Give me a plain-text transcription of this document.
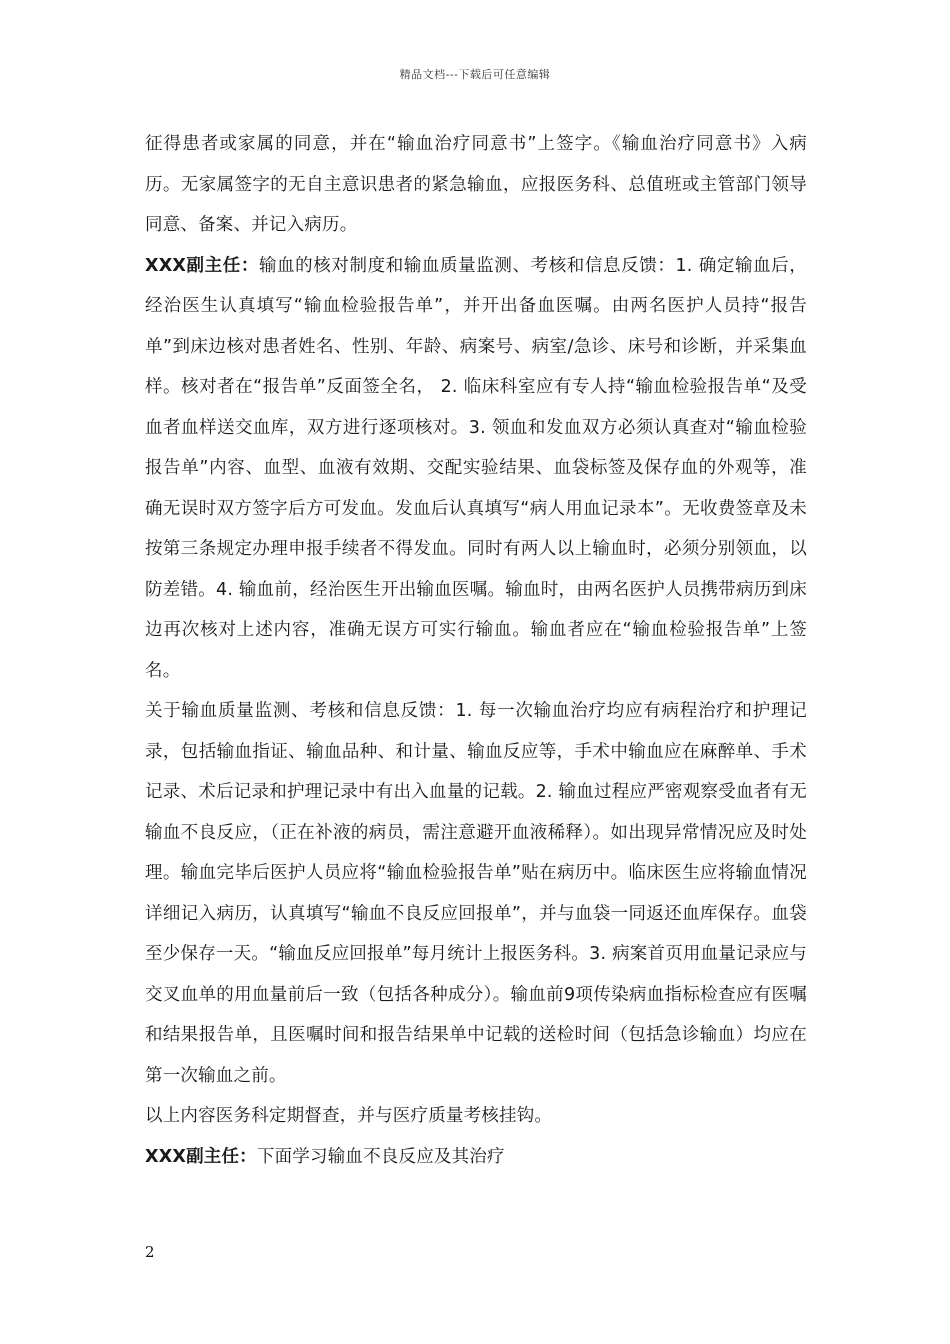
精品文档---下载后可任意编辑

征得患者或家属的同意，并在“输血治疗同意书”上签字。《输血治疗同意书》入病历。无家属签字的无自主意识患者的紧急输血，应报医务科、总值班或主管部门领导同意、备案、并记入病历。

XXX副主任：输血的核对制度和输血质量监测、考核和信息反馈：1. 确定输血后，经治医生认真填写“输血检验报告单”，并开出备血医嘱。由两名医护人员持“报告单”到床边核对患者姓名、性别、年龄、病案号、病室/急诊、床号和诊断，并采集血样。核对者在“报告单”反面签全名， 2. 临床科室应有专人持“输血检验报告单“及受血者血样送交血库，双方进行逐项核对。3. 领血和发血双方必须认真查对“输血检验报告单”内容、血型、血液有效期、交配实验结果、血袋标签及保存血的外观等，准确无误时双方签字后方可发血。发血后认真填写“病人用血记录本”。无收费签章及未按第三条规定办理申报手续者不得发血。同时有两人以上输血时，必须分别领血，以防差错。4. 输血前，经治医生开出输血医嘱。输血时，由两名医护人员携带病历到床边再次核对上述内容，准确无误方可实行输血。输血者应在“输血检验报告单”上签名。

关于输血质量监测、考核和信息反馈：1. 每一次输血治疗均应有病程治疗和护理记录，包括输血指证、输血品种、和计量、输血反应等，手术中输血应在麻醉单、手术记录、术后记录和护理记录中有出入血量的记载。2. 输血过程应严密观察受血者有无输血不良反应，（正在补液的病员，需注意避开血液稀释）。如出现异常情况应及时处理。输血完毕后医护人员应将“输血检验报告单”贴在病历中。临床医生应将输血情况详细记入病历，认真填写“输血不良反应回报单”，并与血袋一同返还血库保存。血袋至少保存一天。“输血反应回报单”每月统计上报医务科。3. 病案首页用血量记录应与交叉血单的用血量前后一致（包括各种成分）。输血前9项传染病血指标检查应有医嘱和结果报告单，且医嘱时间和报告结果单中记载的送检时间（包括急诊输血）均应在第一次输血之前。

以上内容医务科定期督查，并与医疗质量考核挂钩。

XXX副主任：下面学习输血不良反应及其治疗

2
